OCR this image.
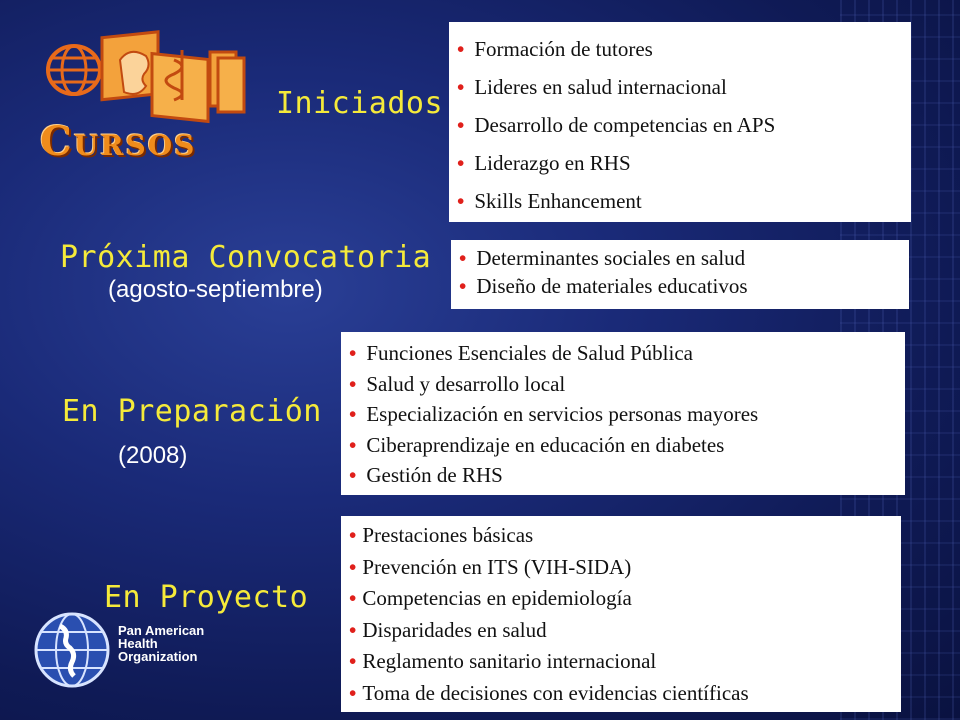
Cursos
Iniciados
• Formación de tutores
• Lideres en salud internacional
• Desarrollo de competencias en APS
• Liderazgo en RHS
• Skills Enhancement
Próxima Convocatoria
(agosto-septiembre)
• Determinantes sociales en salud
• Diseño de materiales educativos
En Preparación
(2008)
• Funciones Esenciales de Salud Pública
• Salud y desarrollo local
• Especialización en servicios personas mayores
• Ciberaprendizaje en educación en diabetes
• Gestión de RHS
En Proyecto
• Prestaciones básicas
• Prevención en ITS (VIH-SIDA)
• Competencias en epidemiología
• Disparidades en salud
• Reglamento sanitario internacional
• Toma de decisiones con evidencias científicas
Pan American
Health
Organization
